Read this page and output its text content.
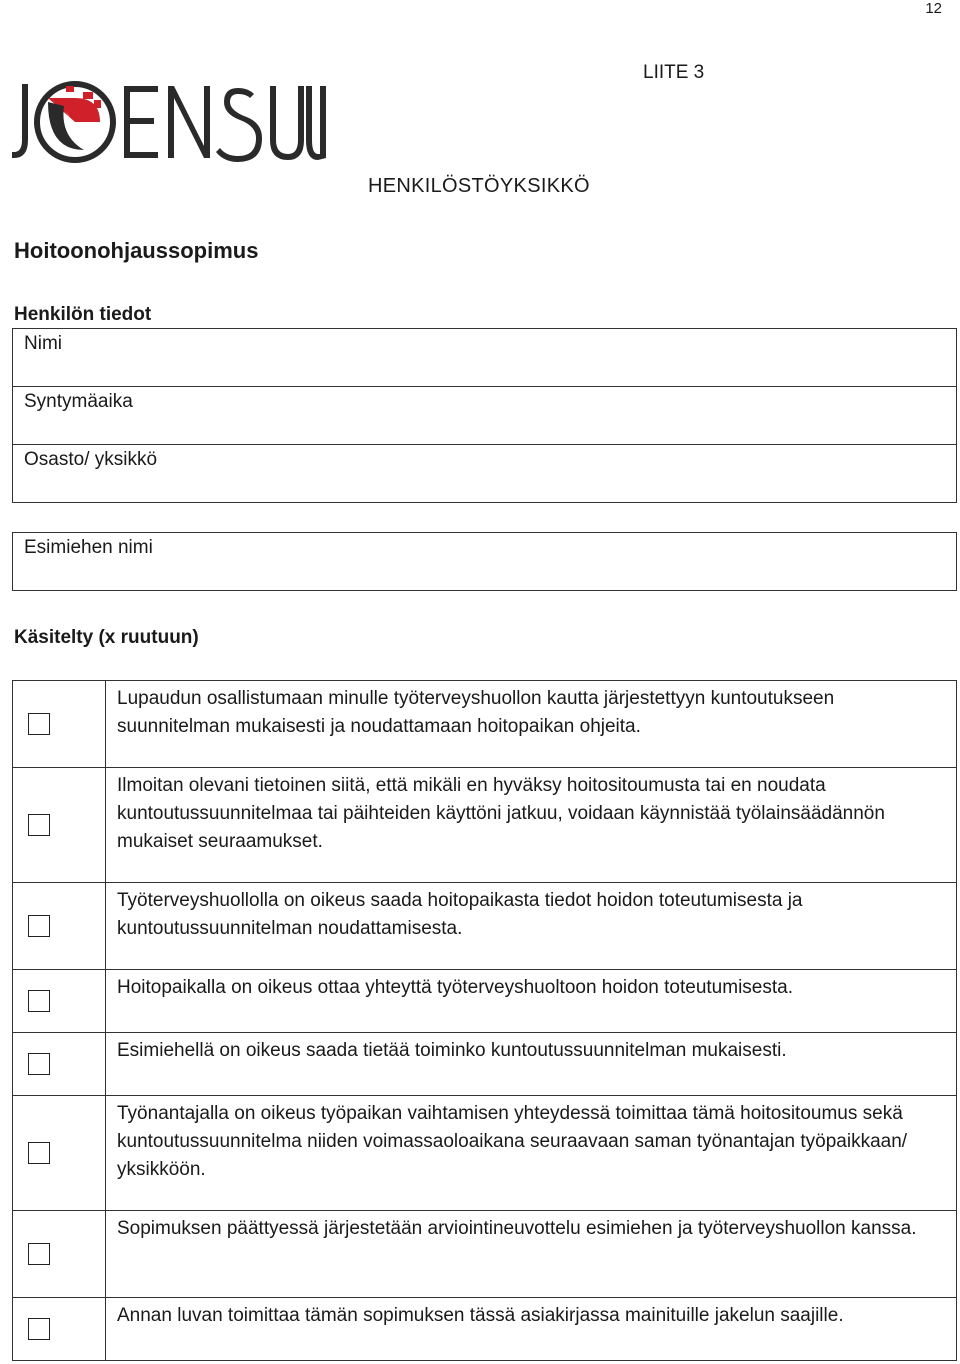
12
LIITE 3
HENKILÖSTÖYKSIKKÖ
Hoitoonohjaussopimus
Henkilön tiedot
Nimi

Syntymäaika

Osasto/ yksikkö
Esimiehen nimi
Käsitelty (x ruutuun)
	Lupaudun osallistumaan minulle työterveyshuollon kautta järjestettyyn kuntoutukseen suunnitelman mukaisesti ja noudattamaan hoitopaikan ohjeita.

	Ilmoitan olevani tietoinen siitä, että mikäli en hyväksy hoitositoumusta tai en noudata kuntoutussuunnitelmaa tai päihteiden käyttöni jatkuu, voidaan käynnistää työlainsäädännön mukaiset seuraamukset.

	Työterveyshuollolla on oikeus saada hoitopaikasta tiedot hoidon toteutumisesta ja kuntoutussuunnitelman noudattamisesta.

	Hoitopaikalla on oikeus ottaa yhteyttä työterveyshuoltoon hoidon toteutumisesta.

	Esimiehellä on oikeus saada tietää toiminko kuntoutussuunnitelman mukaisesti.

	Työnantajalla on oikeus työpaikan vaihtamisen yhteydessä toimittaa tämä hoitositoumus sekä kuntoutussuunnitelma niiden voimassaoloaikana seuraavaan saman työnantajan työpaikkaan/ yksikköön.

	Sopimuksen päättyessä järjestetään arviointineuvottelu esimiehen ja työterveyshuollon kanssa.

	Annan luvan toimittaa tämän sopimuksen tässä asiakirjassa mainituille jakelun saajille.
